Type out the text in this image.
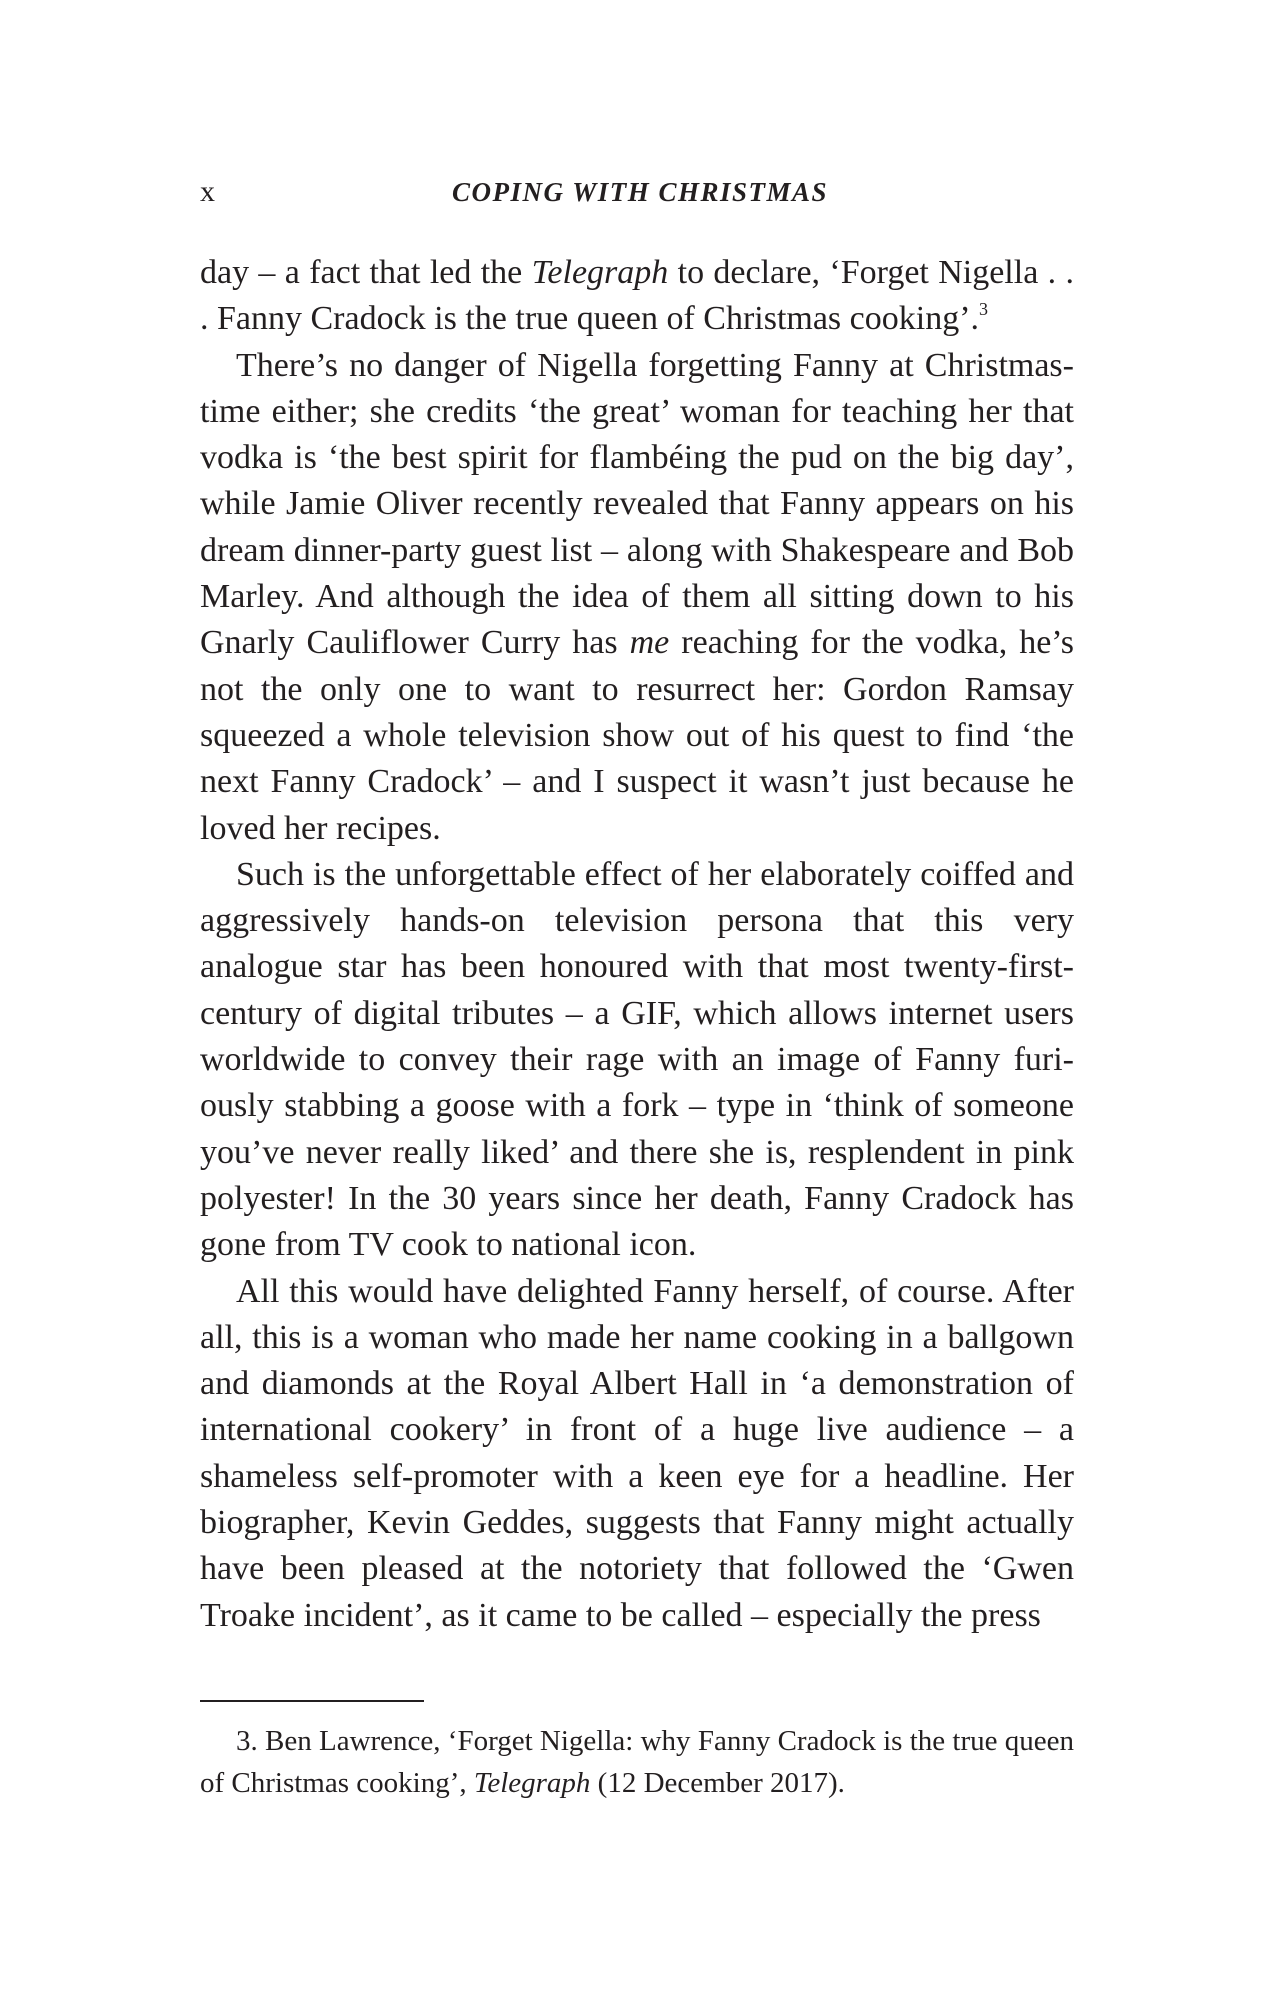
x	COPING WITH CHRISTMAS

day – a fact that led the Telegraph to declare, ‘Forget Nigella . . . Fanny Cradock is the true queen of Christmas cooking’.$^3$

There’s no danger of Nigella forgetting Fanny at Christmastime either; she credits ‘the great’ woman for teaching her that vodka is ‘the best spirit for flambéing the pud on the big day’, while Jamie Oliver recently revealed that Fanny appears on his dream dinner-party guest list – along with Shakespeare and Bob Marley. And although the idea of them all sitting down to his Gnarly Cauliflower Curry has me reaching for the vodka, he’s not the only one to want to resurrect her: Gordon Ramsay squeezed a whole television show out of his quest to find ‘the next Fanny Cradock’ – and I suspect it wasn’t just because he loved her recipes.

Such is the unforgettable effect of her elaborately coiffed and aggressively hands-on television persona that this very analogue star has been honoured with that most twenty-first-century of digital tributes – a GIF, which allows internet users worldwide to convey their rage with an image of Fanny furiously stabbing a goose with a fork – type in ‘think of someone you’ve never really liked’ and there she is, resplendent in pink polyester! In the 30 years since her death, Fanny Cradock has gone from TV cook to national icon.

All this would have delighted Fanny herself, of course. After all, this is a woman who made her name cooking in a ballgown and diamonds at the Royal Albert Hall in ‘a demonstration of international cookery’ in front of a huge live audience – a shameless self-promoter with a keen eye for a headline. Her biographer, Kevin Geddes, suggests that Fanny might actually have been pleased at the notoriety that followed the ‘Gwen Troake incident’, as it came to be called – especially the press

3. Ben Lawrence, ‘Forget Nigella: why Fanny Cradock is the true queen of Christmas cooking’, Telegraph (12 December 2017).
